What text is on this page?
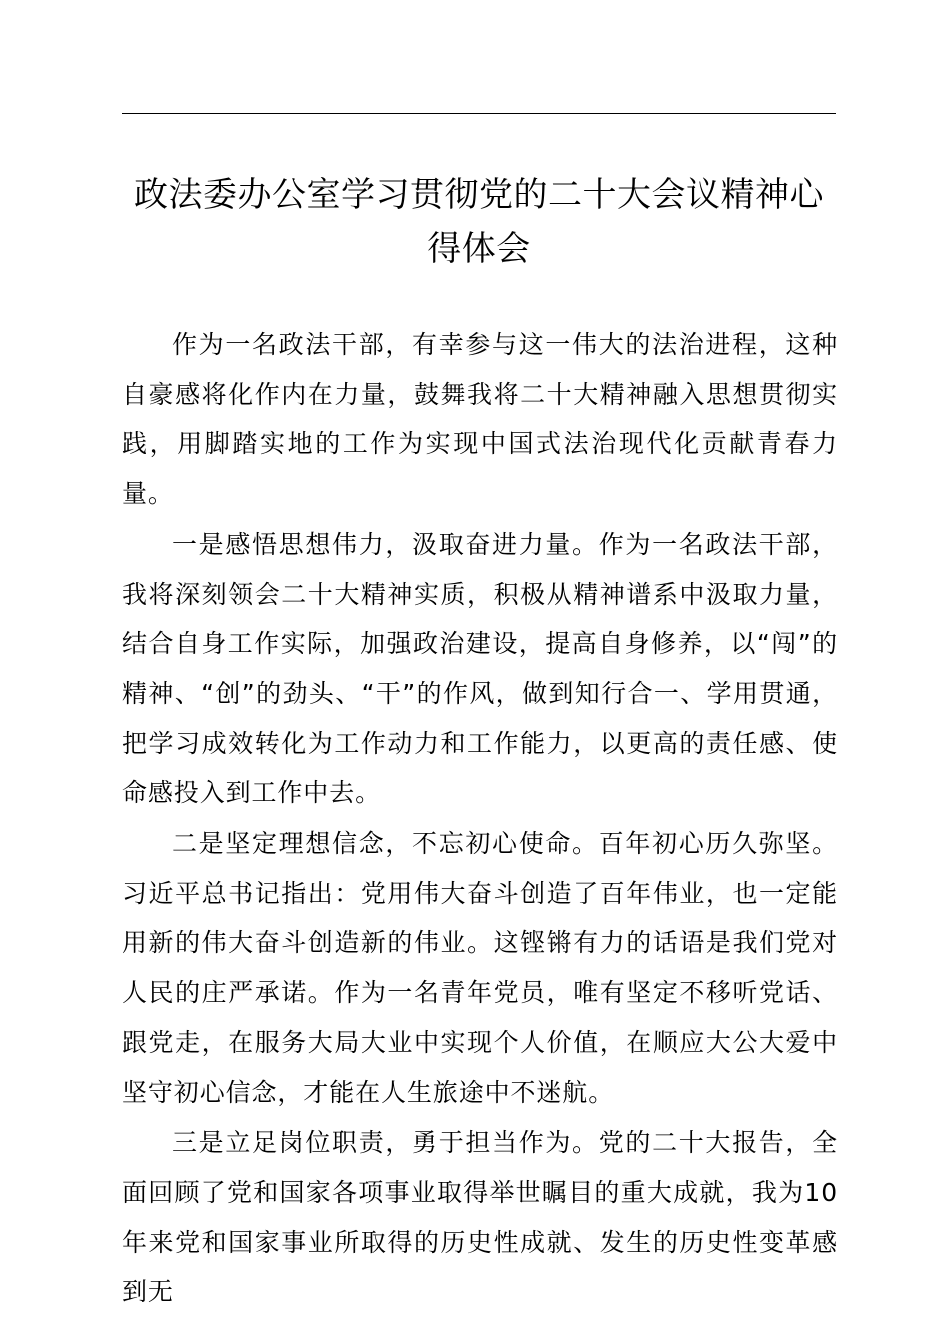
政法委办公室学习贯彻党的二十大会议精神心得体会

作为一名政法干部，有幸参与这一伟大的法治进程，这种自豪感将化作内在力量，鼓舞我将二十大精神融入思想贯彻实践，用脚踏实地的工作为实现中国式法治现代化贡献青春力量。

一是感悟思想伟力，汲取奋进力量。作为一名政法干部，我将深刻领会二十大精神实质，积极从精神谱系中汲取力量，结合自身工作实际，加强政治建设，提高自身修养，以“闯”的精神、“创”的劲头、“干”的作风，做到知行合一、学用贯通，把学习成效转化为工作动力和工作能力，以更高的责任感、使命感投入到工作中去。

二是坚定理想信念，不忘初心使命。百年初心历久弥坚。习近平总书记指出：党用伟大奋斗创造了百年伟业，也一定能用新的伟大奋斗创造新的伟业。这铿锵有力的话语是我们党对人民的庄严承诺。作为一名青年党员，唯有坚定不移听党话、跟党走，在服务大局大业中实现个人价值，在顺应大公大爱中坚守初心信念，才能在人生旅途中不迷航。

三是立足岗位职责，勇于担当作为。党的二十大报告，全面回顾了党和国家各项事业取得举世瞩目的重大成就，我为10年来党和国家事业所取得的历史性成就、发生的历史性变革感到无
